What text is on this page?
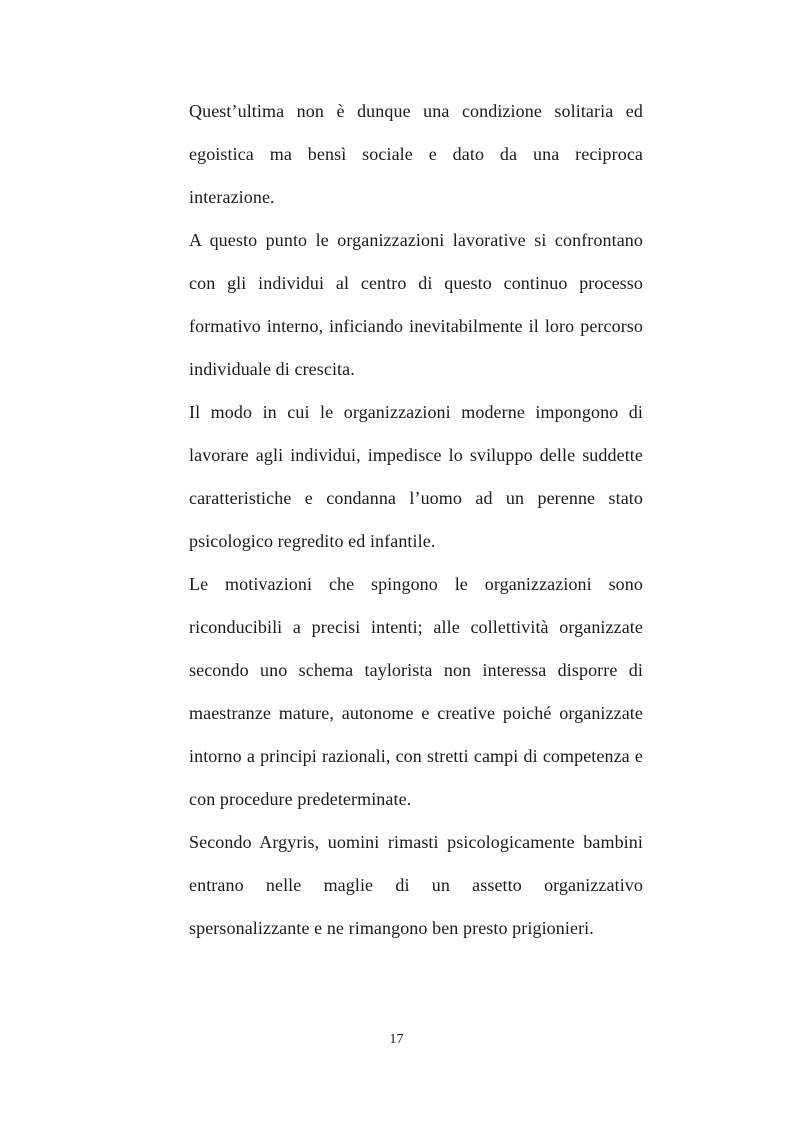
Quest’ultima non è dunque una condizione solitaria ed egoistica ma bensì sociale e dato da una reciproca interazione.

A questo punto le organizzazioni lavorative si confrontano con gli individui al centro di questo continuo processo formativo interno, inficiando inevitabilmente il loro percorso individuale di crescita.

Il modo in cui le organizzazioni moderne impongono di lavorare agli individui, impedisce lo sviluppo delle suddette caratteristiche e condanna l’uomo ad un perenne stato psicologico regredito ed infantile.

Le motivazioni che spingono le organizzazioni sono riconducibili a precisi intenti; alle collettività organizzate secondo uno schema taylorista non interessa disporre di maestranze mature, autonome e creative poiché organizzate intorno a principi razionali, con stretti campi di competenza e con procedure predeterminate.

Secondo Argyris, uomini rimasti psicologicamente bambini entrano nelle maglie di un assetto organizzativo spersonalizzante e ne rimangono ben presto prigionieri.

17
